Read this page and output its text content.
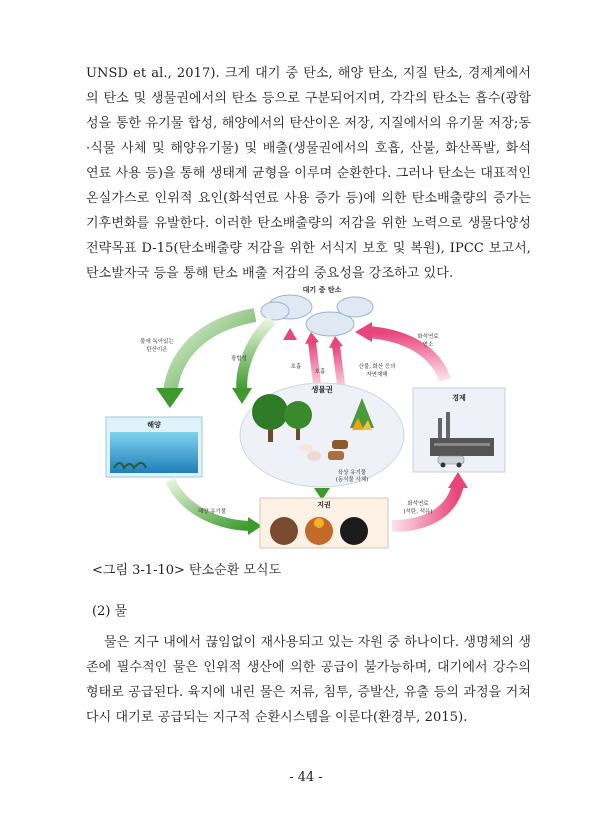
UNSD et al., 2017). 크게 대기 중 탄소, 해양 탄소, 지질 탄소, 경제계에서의 탄소 및 생물권에서의 탄소 등으로 구분되어지며, 각각의 탄소는 흡수(광합성을 통한 유기물 합성, 해양에서의 탄산이온 저장, 지질에서의 유기물 저장;동·식물 사체 및 해양유기물) 및 배출(생물권에서의 호흡, 산불, 화산폭발, 화석연료 사용 등)을 통해 생태계 균형을 이루며 순환한다. 그러나 탄소는 대표적인 온실가스로 인위적 요인(화석연료 사용 증가 등)에 의한 탄소배출량의 증가는 기후변화를 유발한다. 이러한 탄소배출량의 저감을 위한 노력으로 생물다양성 전략목표 D-15(탄소배출량 저감을 위한 서식지 보호 및 복원), IPCC 보고서, 탄소발자국 등을 통해 탄소 배출 저감의 중요성을 강조하고 있다.
대기 중 탄소
물에 녹아있는
탄산이온
광합성
호흡
호흡
산불, 화산 등의
자연재해
화석연료
연소
생물권
육상 유기물
(동식물 사체)
해양
해양 유기물
지권	화석연료
(석탄, 석유)
경제
<그림 3-1-10> 탄소순환 모식도
(2) 물
물은 지구 내에서 끊임없이 재사용되고 있는 자원 중 하나이다. 생명체의 생존에 필수적인 물은 인위적 생산에 의한 공급이 불가능하며, 대기에서 강수의 형태로 공급된다. 육지에 내린 물은 저류, 침투, 증발산, 유출 등의 과정을 거쳐 다시 대기로 공급되는 지구적 순환시스템을 이룬다(환경부, 2015).
- 44 -
